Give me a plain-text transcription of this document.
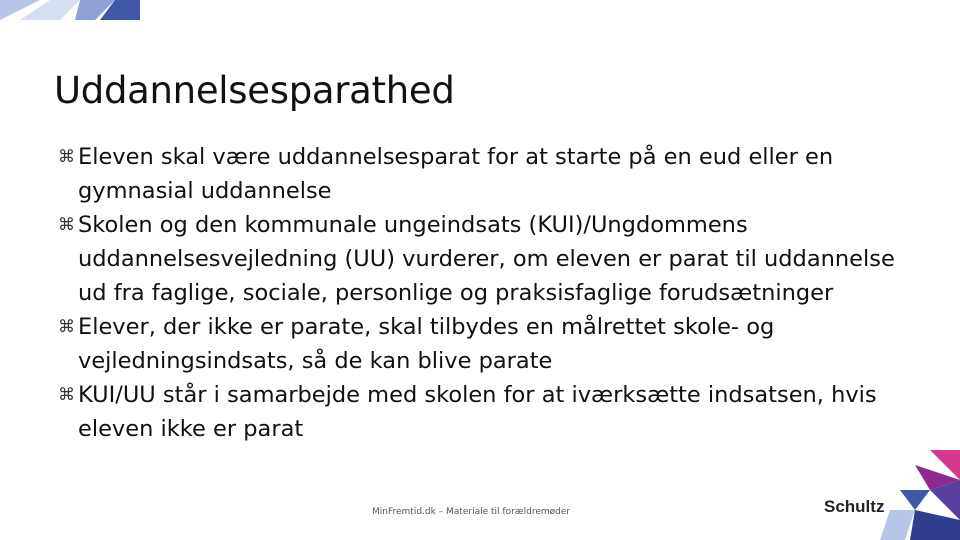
Uddannelsesparathed
⌘ Eleven skal være uddannelsesparat for at starte på en eud eller en gymnasial uddannelse
⌘ Skolen og den kommunale ungeindsats (KUI)/Ungdommens uddannelsesvejledning (UU) vurderer, om eleven er parat til uddannelse ud fra faglige, sociale, personlige og praksisfaglige forudsætninger
⌘ Elever, der ikke er parate, skal tilbydes en målrettet skole- og vejledningsindsats, så de kan blive parate
⌘ KUI/UU står i samarbejde med skolen for at iværksætte indsatsen, hvis eleven ikke er parat
MinFremtid.dk – Materiale til forældremøder	Schultz
